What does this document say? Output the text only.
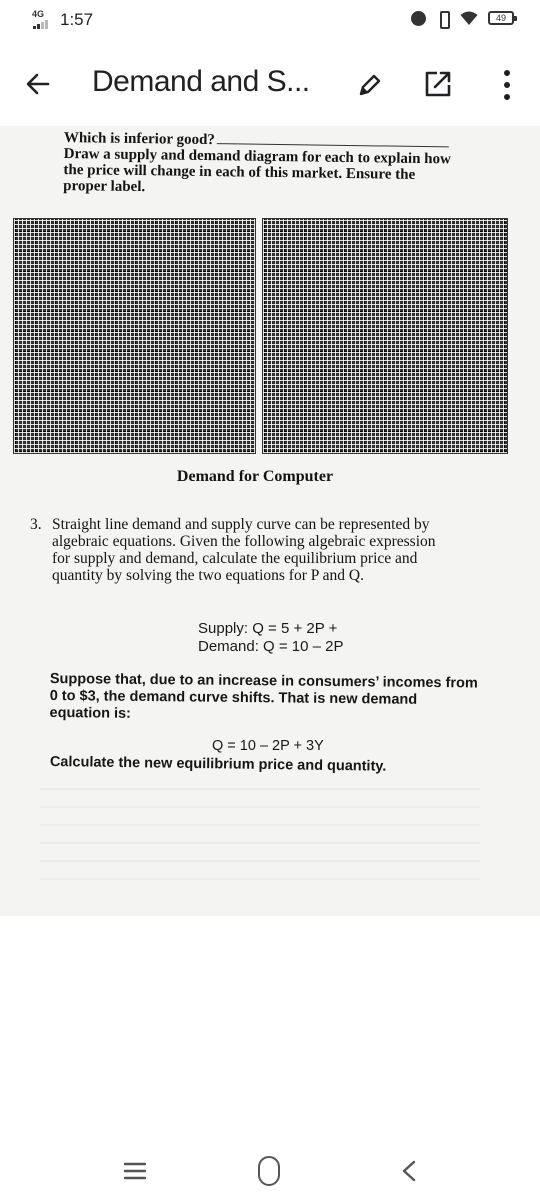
4G 1:57	49
Demand and S...
Which is inferior good?
Draw a supply and demand diagram for each to explain how
the price will change in each of this market. Ensure the
proper label.
Demand for Computer
3. Straight line demand and supply curve can be represented by
algebraic equations. Given the following algebraic expression
for supply and demand, calculate the equilibrium price and
quantity by solving the two equations for P and Q.
Supply: Q = 5 + 2P +
Demand: Q = 10 – 2P
Suppose that, due to an increase in consumers’ incomes from
0 to $3, the demand curve shifts. That is new demand
equation is:
Q = 10 – 2P + 3Y
Calculate the new equilibrium price and quantity.
